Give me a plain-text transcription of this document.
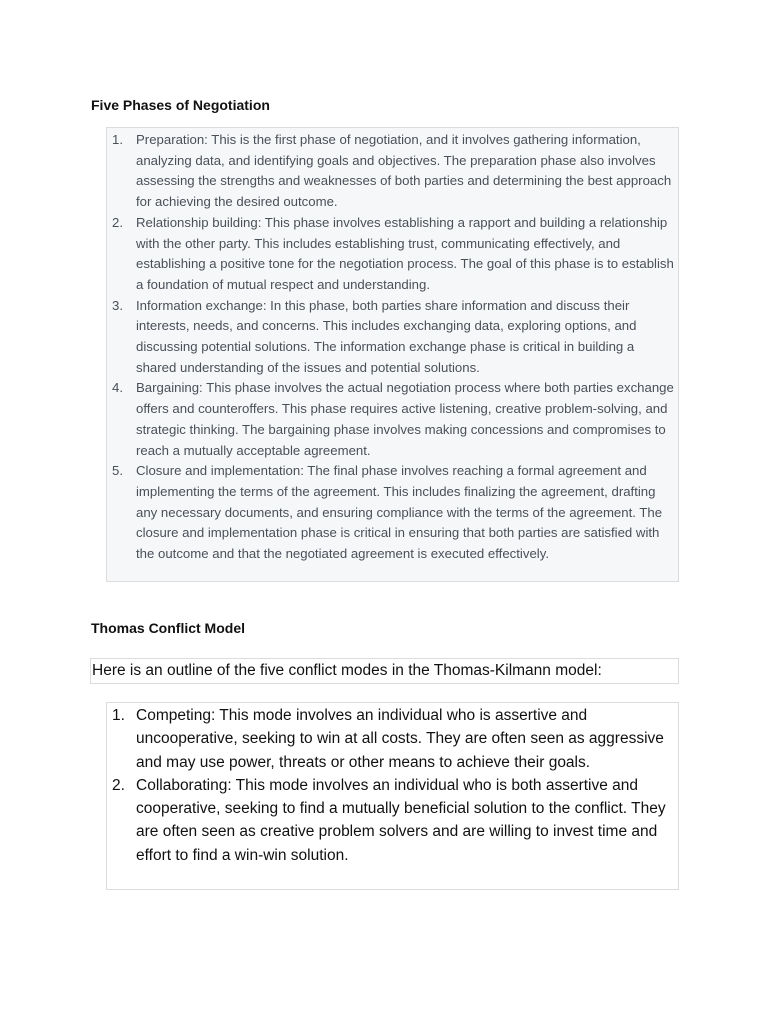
Five Phases of Negotiation
1. Preparation: This is the first phase of negotiation, and it involves gathering information, analyzing data, and identifying goals and objectives. The preparation phase also involves assessing the strengths and weaknesses of both parties and determining the best approach for achieving the desired outcome.
2. Relationship building: This phase involves establishing a rapport and building a relationship with the other party. This includes establishing trust, communicating effectively, and establishing a positive tone for the negotiation process. The goal of this phase is to establish a foundation of mutual respect and understanding.
3. Information exchange: In this phase, both parties share information and discuss their interests, needs, and concerns. This includes exchanging data, exploring options, and discussing potential solutions. The information exchange phase is critical in building a shared understanding of the issues and potential solutions.
4. Bargaining: This phase involves the actual negotiation process where both parties exchange offers and counteroffers. This phase requires active listening, creative problem-solving, and strategic thinking. The bargaining phase involves making concessions and compromises to reach a mutually acceptable agreement.
5. Closure and implementation: The final phase involves reaching a formal agreement and implementing the terms of the agreement. This includes finalizing the agreement, drafting any necessary documents, and ensuring compliance with the terms of the agreement. The closure and implementation phase is critical in ensuring that both parties are satisfied with the outcome and that the negotiated agreement is executed effectively.
Thomas Conflict Model

Here is an outline of the five conflict modes in the Thomas-Kilmann model:

1. Competing: This mode involves an individual who is assertive and uncooperative, seeking to win at all costs. They are often seen as aggressive and may use power, threats or other means to achieve their goals.
2. Collaborating: This mode involves an individual who is both assertive and cooperative, seeking to find a mutually beneficial solution to the conflict. They are often seen as creative problem solvers and are willing to invest time and effort to find a win-win solution.
